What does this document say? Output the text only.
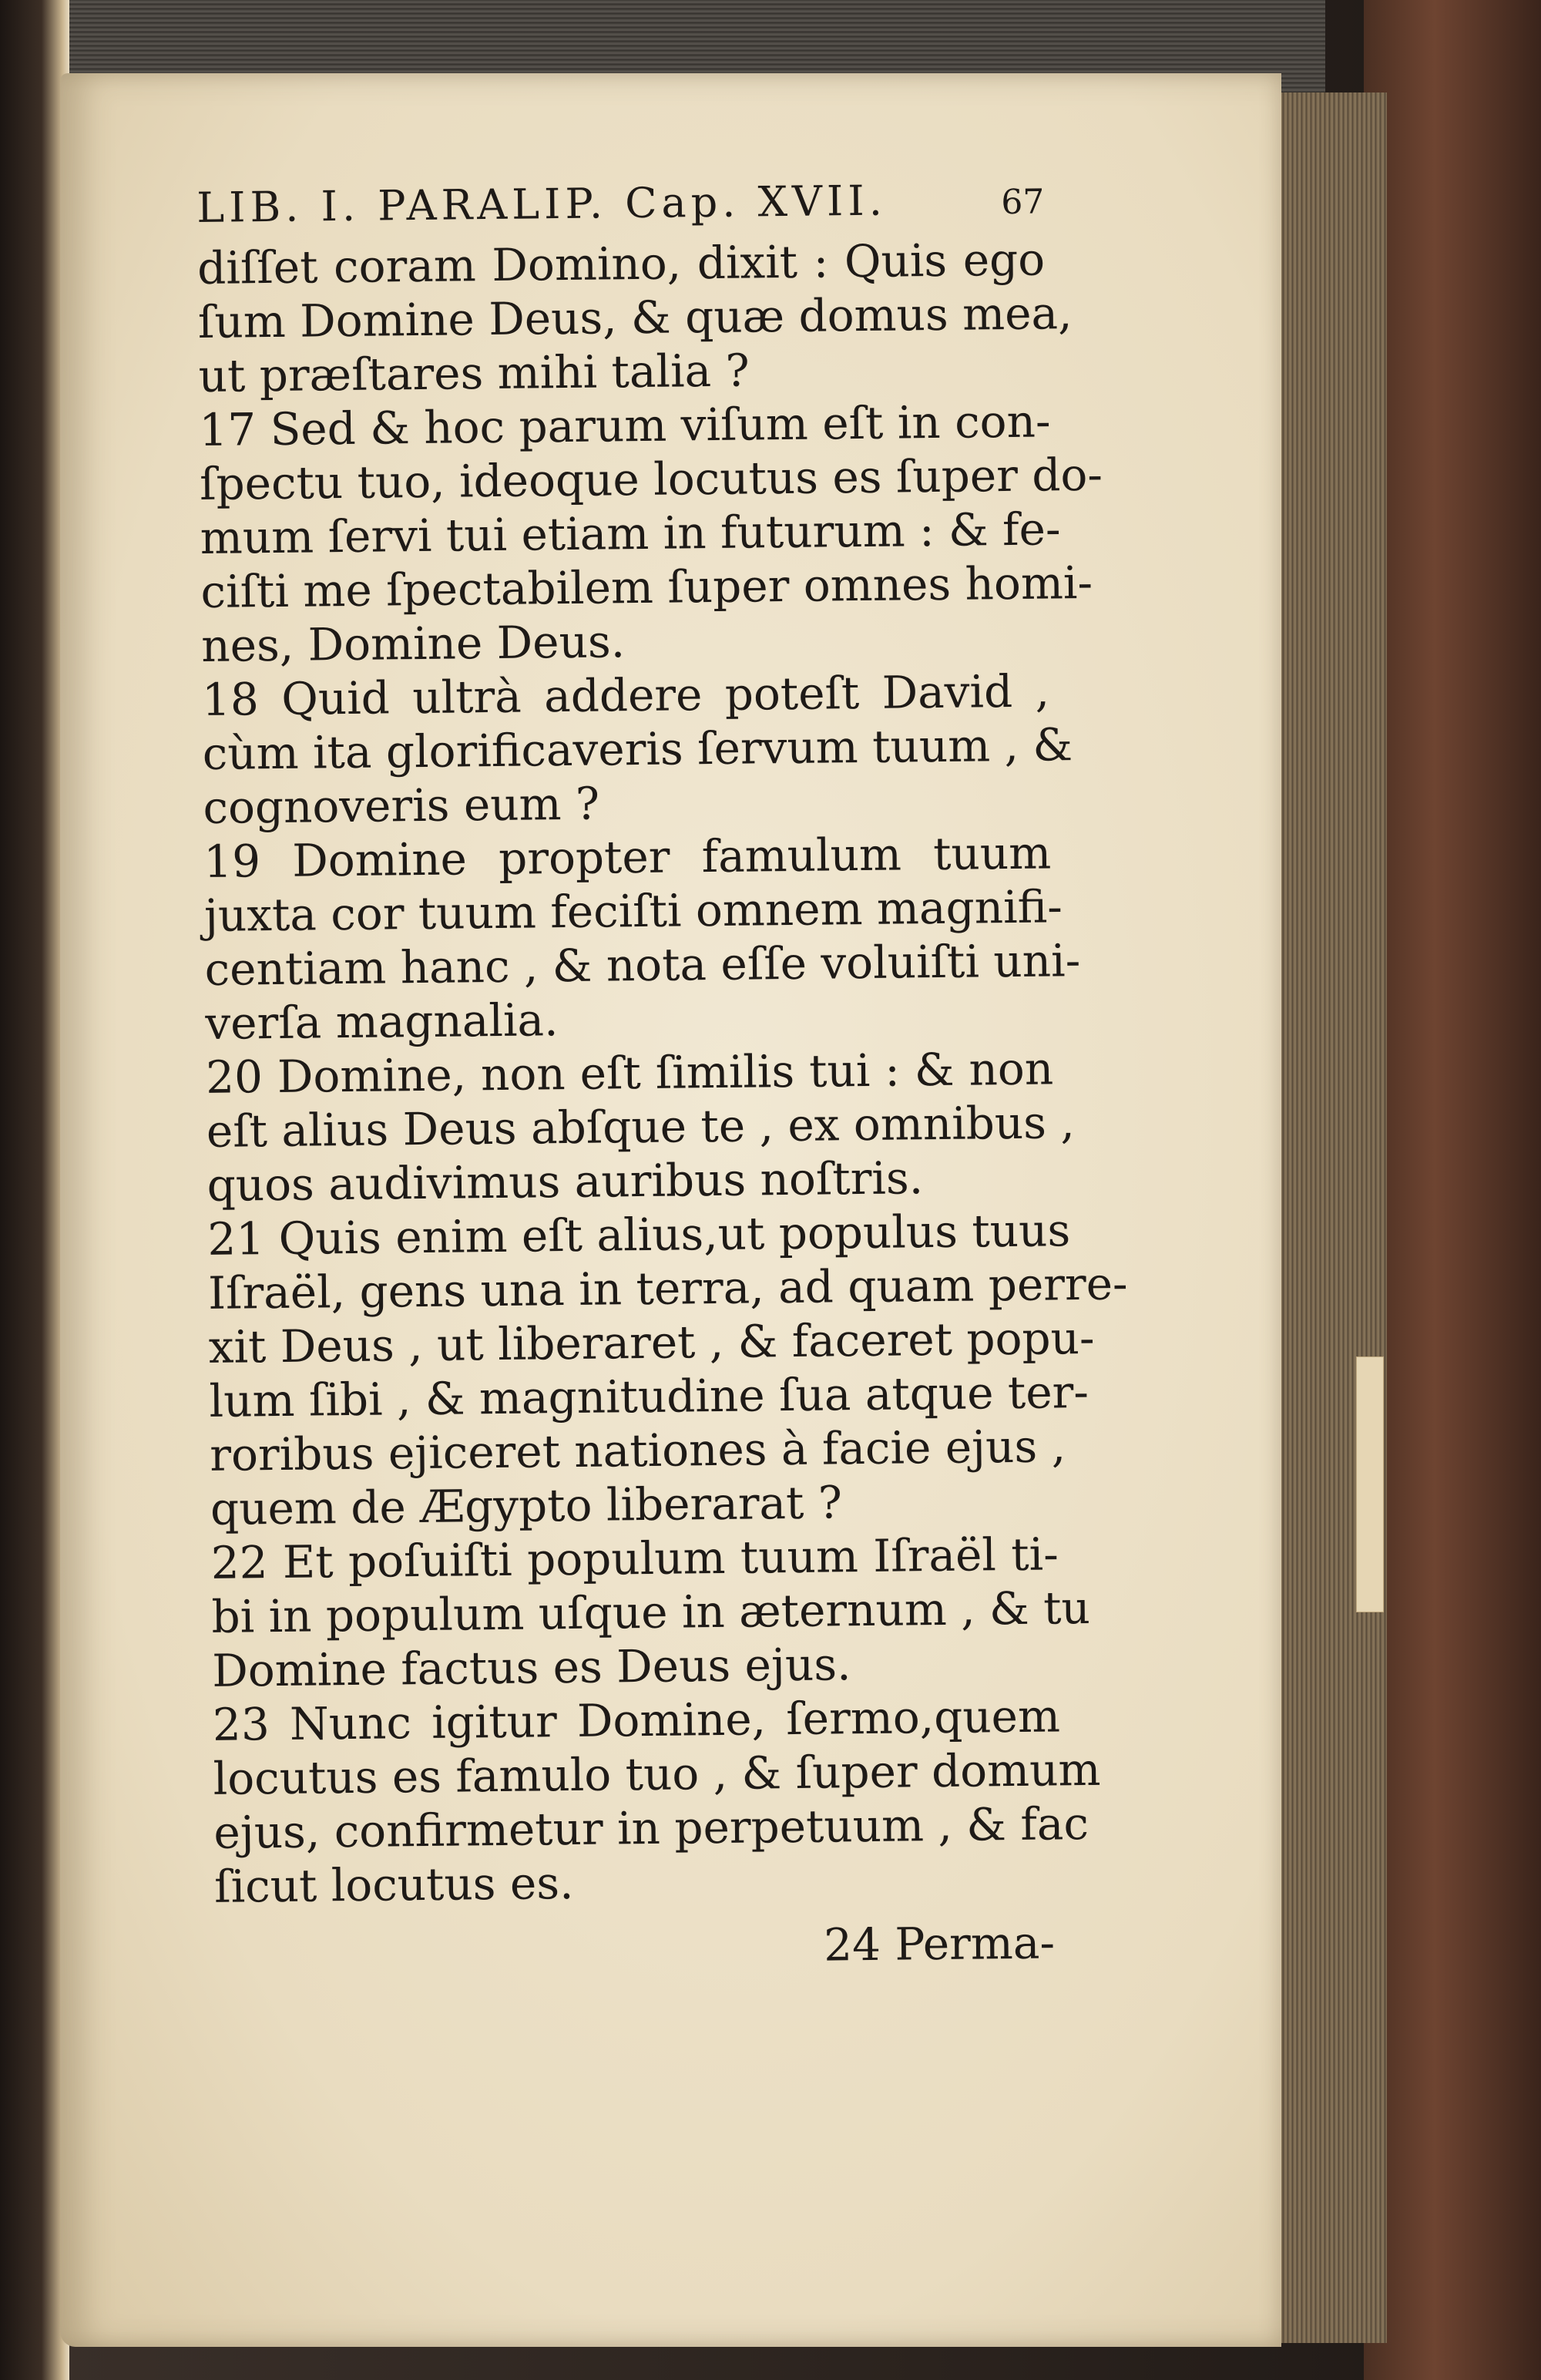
LIB. I. PARALIP. Cap. XVII.	67
diſſet coram Domino, dixit : Quis ego
ſum Domine Deus, & quæ domus mea,
ut præſtares mihi talia ?
17 Sed & hoc parum viſum eſt in con-
ſpectu tuo, ideoque locutus es ſuper do-
mum ſervi tui etiam in futurum : & fe-
ciſti me ſpectabilem ſuper omnes homi-
nes, Domine Deus.
18 Quid ultrà addere poteſt David ,
cùm ita glorificaveris ſervum tuum , &
cognoveris eum ?
19 Domine propter famulum tuum
juxta cor tuum feciſti omnem magnifi-
centiam hanc , & nota eſſe voluiſti uni-
verſa magnalia.
20 Domine, non eſt ſimilis tui : & non
eſt alius Deus abſque te , ex omnibus ,
quos audivimus auribus noſtris.
21 Quis enim eſt alius,ut populus tuus
Iſraël, gens una in terra, ad quam perre-
xit Deus , ut liberaret , & faceret popu-
lum ſibi , & magnitudine ſua atque ter-
roribus ejiceret nationes à facie ejus ,
quem de Ægypto liberarat ?
22 Et poſuiſti populum tuum Iſraël ti-
bi in populum uſque in æternum , & tu
Domine factus es Deus ejus.
23 Nunc igitur Domine, ſermo,quem
locutus es famulo tuo , & ſuper domum
ejus, confirmetur in perpetuum , & fac
ſicut locutus es.
24 Perma-
